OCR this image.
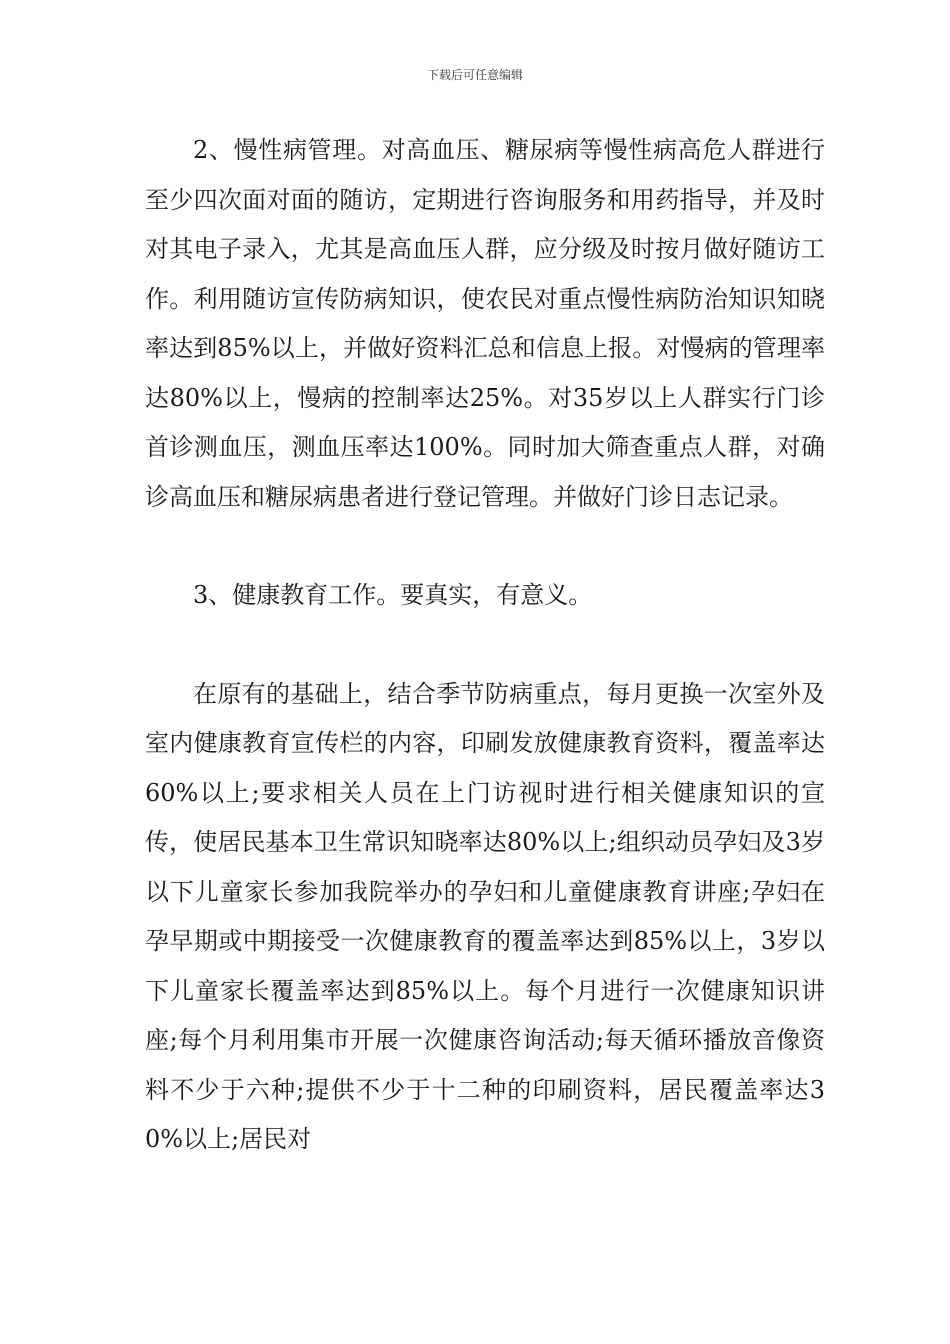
下载后可任意编辑

2、慢性病管理。对高血压、糖尿病等慢性病高危人群进行至少四次面对面的随访，定期进行咨询服务和用药指导，并及时对其电子录入，尤其是高血压人群，应分级及时按月做好随访工作。利用随访宣传防病知识，使农民对重点慢性病防治知识知晓率达到85%以上，并做好资料汇总和信息上报。对慢病的管理率达80%以上，慢病的控制率达25%。对35岁以上人群实行门诊首诊测血压，测血压率达100%。同时加大筛查重点人群，对确诊高血压和糖尿病患者进行登记管理。并做好门诊日志记录。

3、健康教育工作。要真实，有意义。

在原有的基础上，结合季节防病重点，每月更换一次室外及室内健康教育宣传栏的内容，印刷发放健康教育资料，覆盖率达60%以上;要求相关人员在上门访视时进行相关健康知识的宣传，使居民基本卫生常识知晓率达80%以上;组织动员孕妇及3岁以下儿童家长参加我院举办的孕妇和儿童健康教育讲座;孕妇在孕早期或中期接受一次健康教育的覆盖率达到85%以上，3岁以下儿童家长覆盖率达到85%以上。每个月进行一次健康知识讲座;每个月利用集市开展一次健康咨询活动;每天循环播放音像资料不少于六种;提供不少于十二种的印刷资料，居民覆盖率达30%以上;居民对
